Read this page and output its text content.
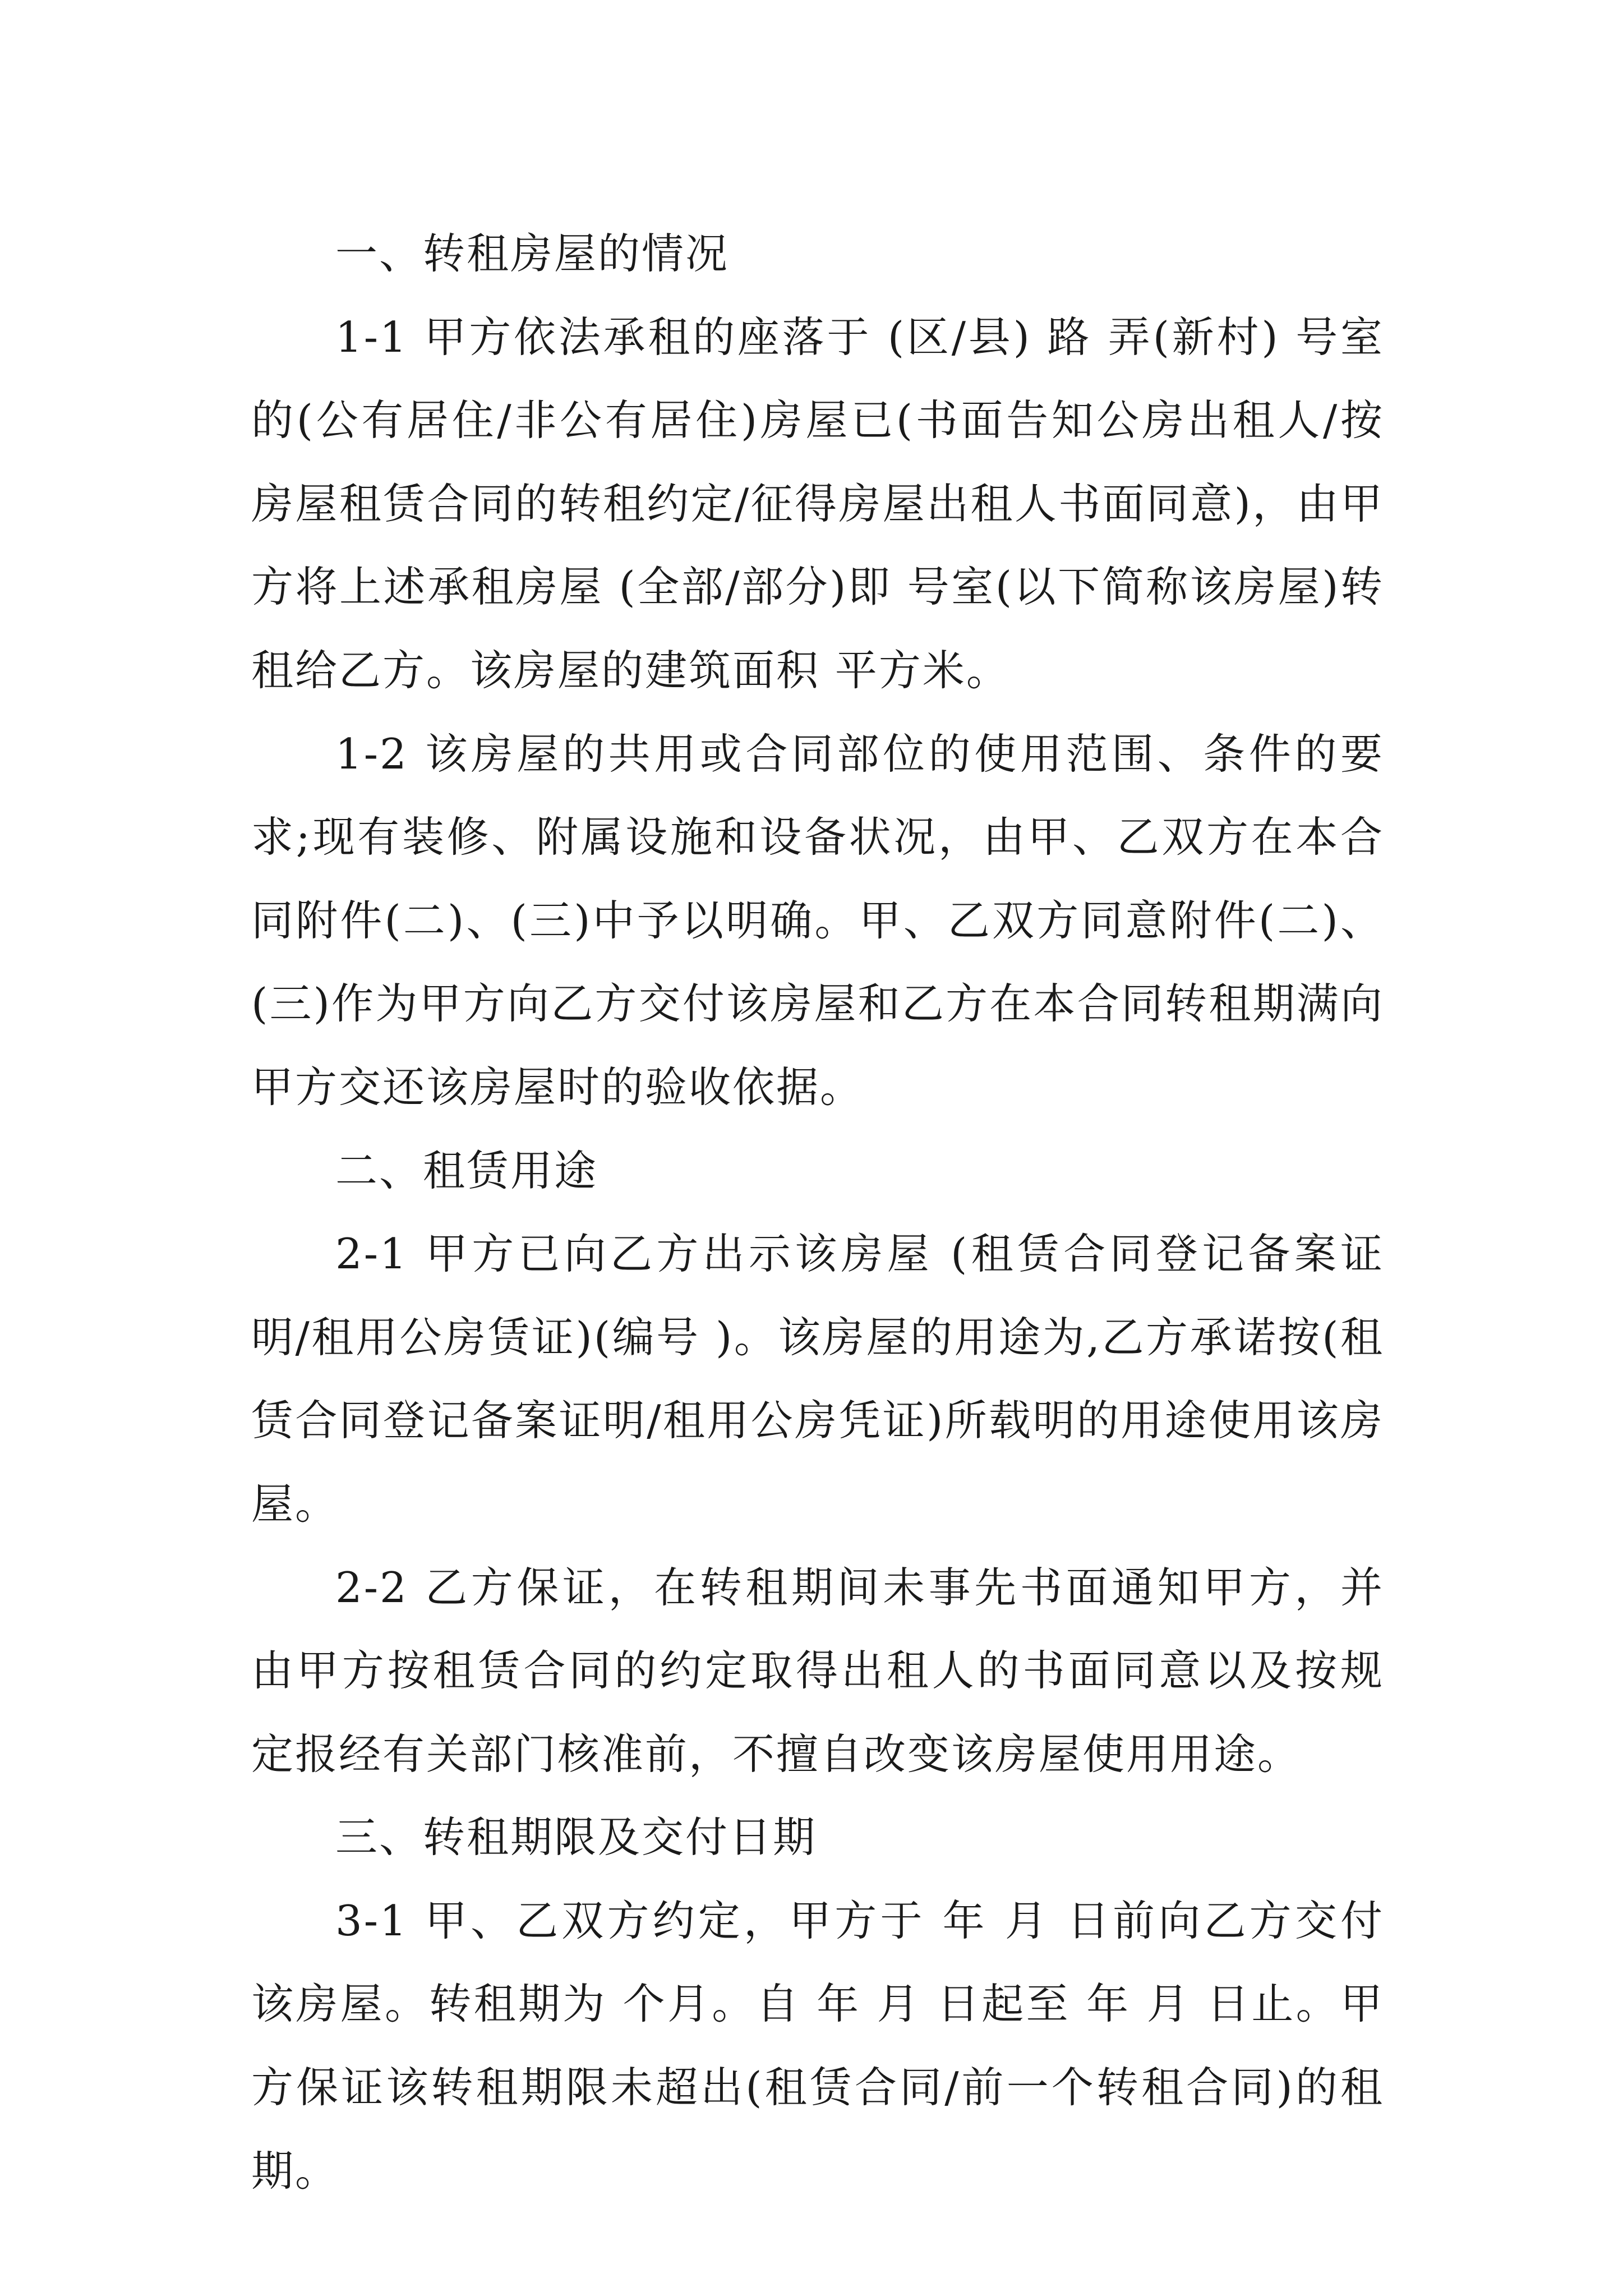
一、转租房屋的情况

1-1 甲方依法承租的座落于 (区/县) 路 弄(新村) 号室的(公有居住/非公有居住)房屋已(书面告知公房出租人/按房屋租赁合同的转租约定/征得房屋出租人书面同意)，由甲方将上述承租房屋 (全部/部分)即 号室(以下简称该房屋)转租给乙方。该房屋的建筑面积 平方米。

1-2 该房屋的共用或合同部位的使用范围、条件的要求;现有装修、附属设施和设备状况，由甲、乙双方在本合同附件(二)、(三)中予以明确。甲、乙双方同意附件(二)、(三)作为甲方向乙方交付该房屋和乙方在本合同转租期满向甲方交还该房屋时的验收依据。

二、租赁用途

2-1 甲方已向乙方出示该房屋 (租赁合同登记备案证明/租用公房赁证)(编号 )。该房屋的用途为,乙方承诺按(租赁合同登记备案证明/租用公房凭证)所载明的用途使用该房屋。

2-2 乙方保证，在转租期间未事先书面通知甲方，并由甲方按租赁合同的约定取得出租人的书面同意以及按规定报经有关部门核准前，不擅自改变该房屋使用用途。

三、转租期限及交付日期

3-1 甲、乙双方约定，甲方于 年 月 日前向乙方交付该房屋。转租期为 个月。自 年 月 日起至 年 月 日止。甲方保证该转租期限未超出(租赁合同/前一个转租合同)的租期。
